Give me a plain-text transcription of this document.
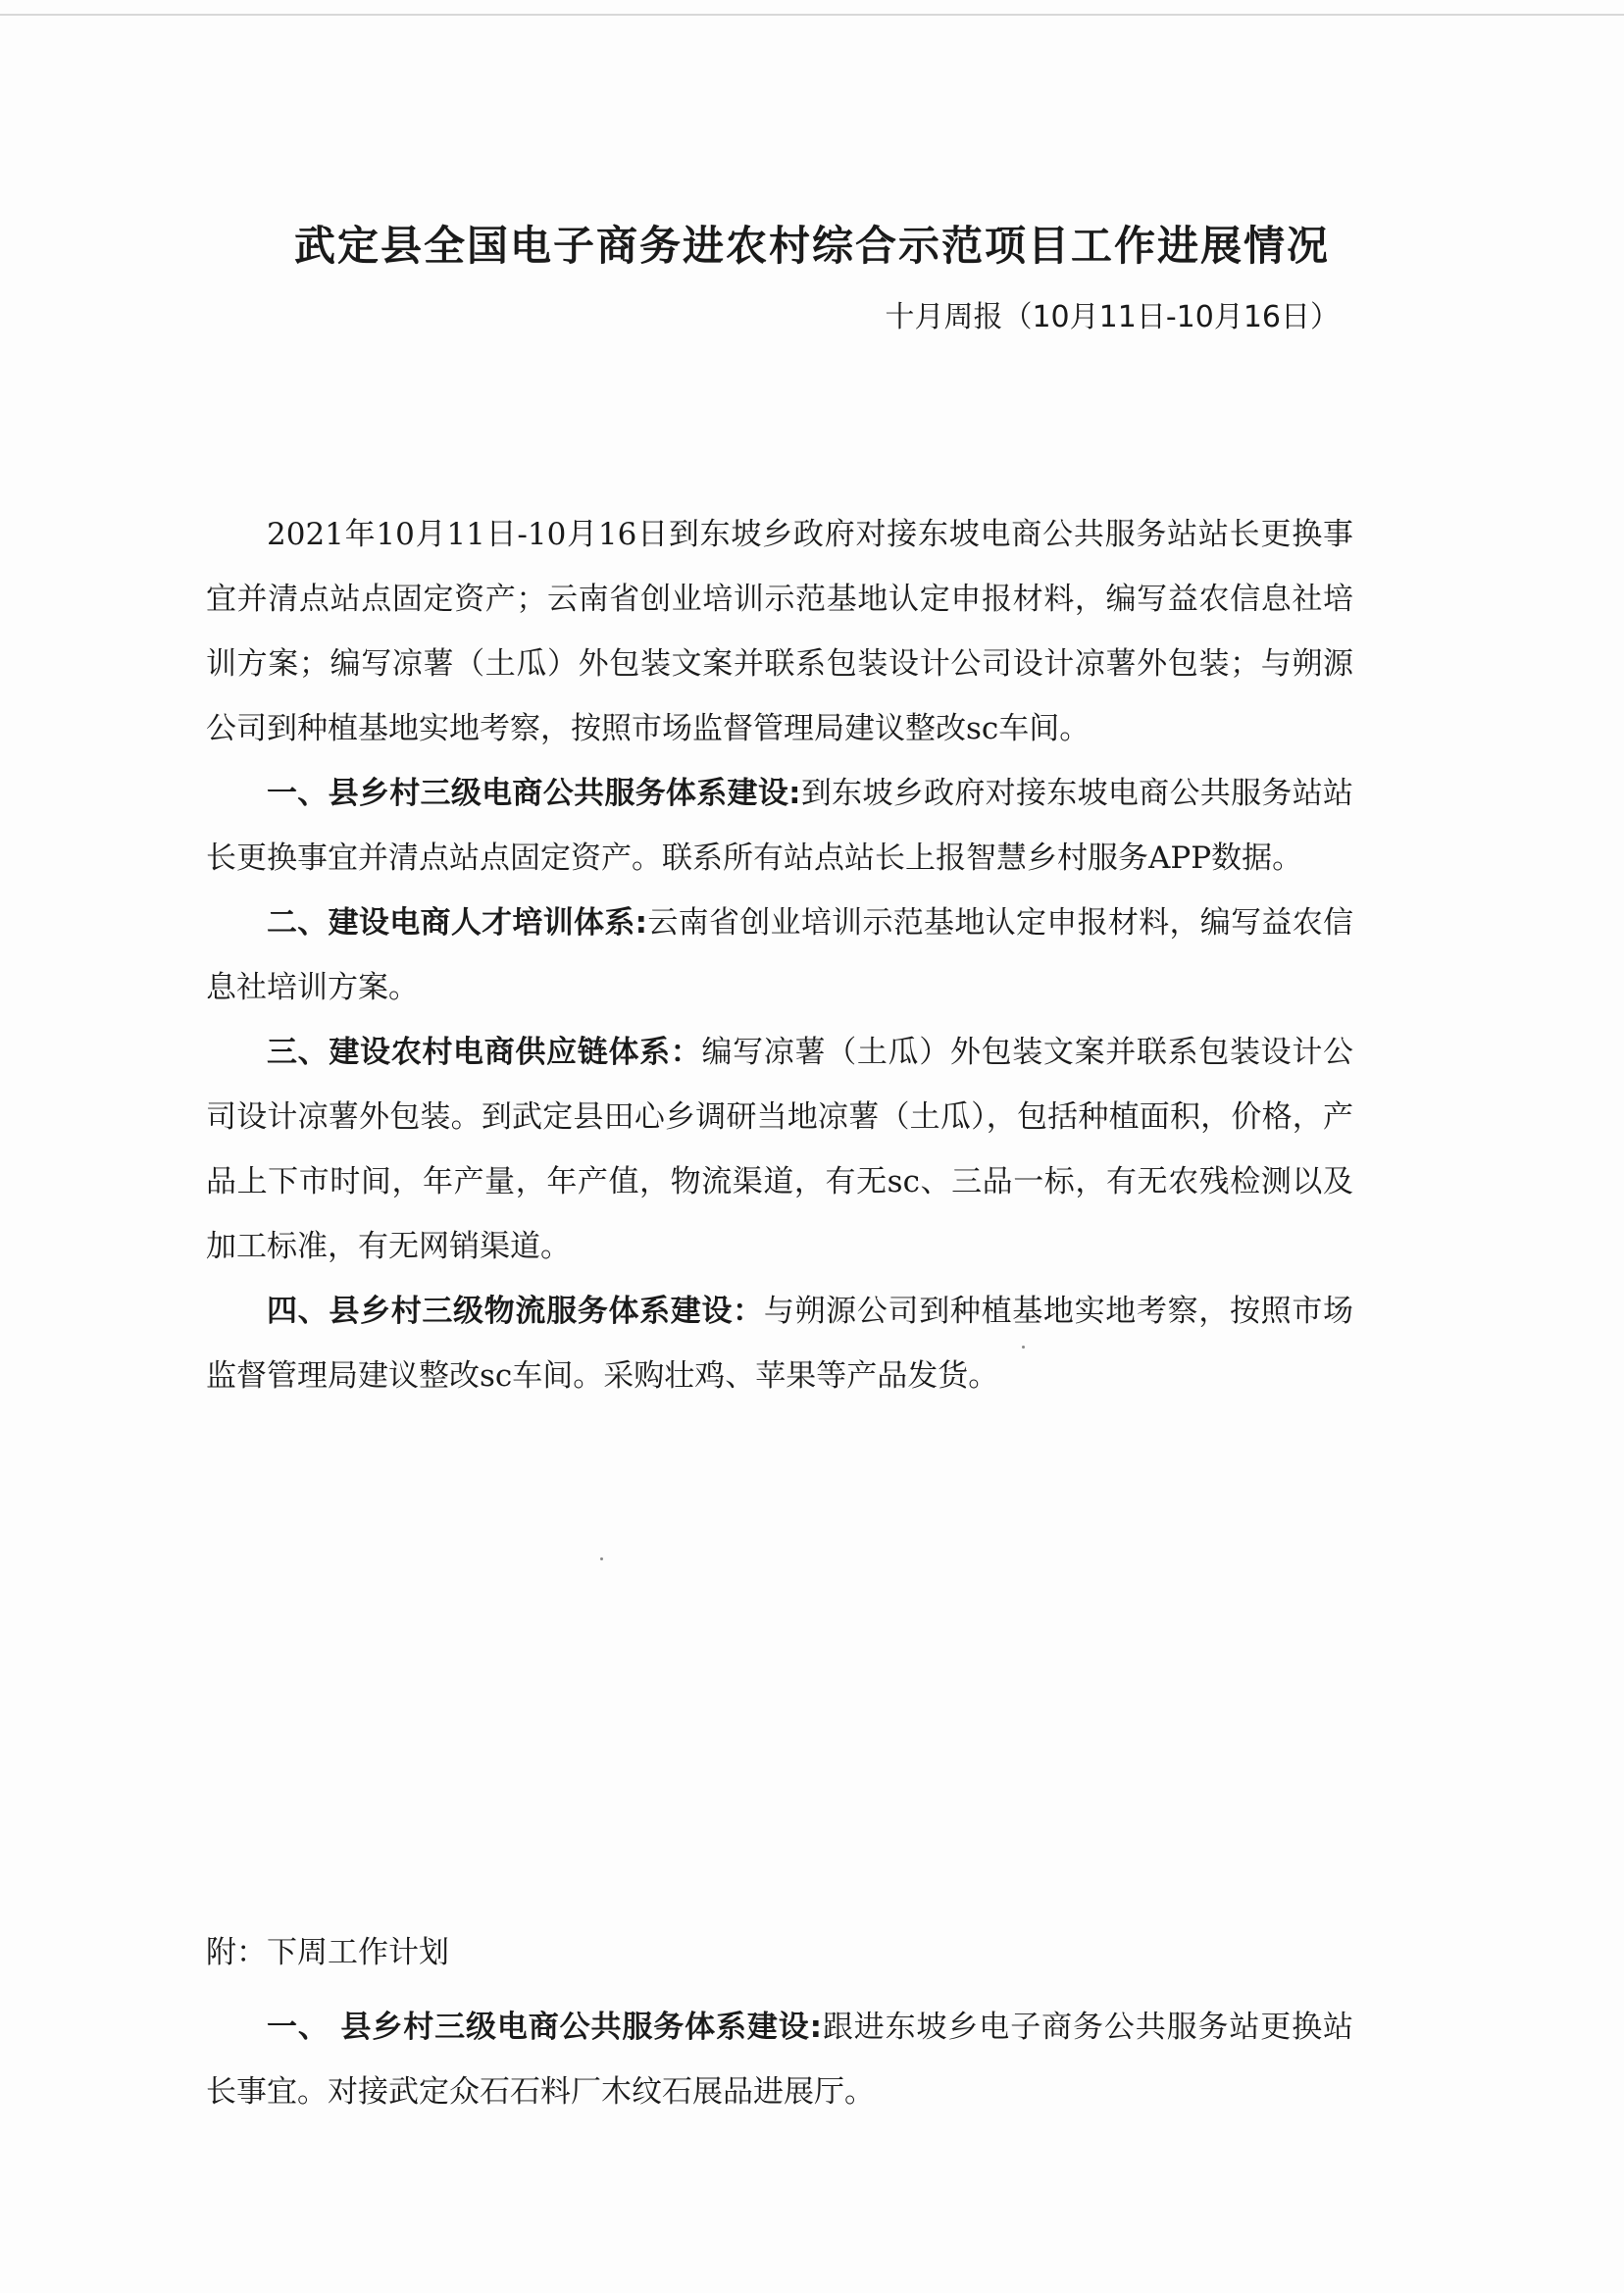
武定县全国电子商务进农村综合示范项目工作进展情况
十月周报（10月11日-10月16日）

2021年10月11日-10月16日到东坡乡政府对接东坡电商公共服务站站长更换事宜并清点站点固定资产；云南省创业培训示范基地认定申报材料，编写益农信息社培训方案；编写凉薯（土瓜）外包装文案并联系包装设计公司设计凉薯外包装；与朔源公司到种植基地实地考察，按照市场监督管理局建议整改sc车间。

一、县乡村三级电商公共服务体系建设:到东坡乡政府对接东坡电商公共服务站站长更换事宜并清点站点固定资产。联系所有站点站长上报智慧乡村服务APP数据。

二、建设电商人才培训体系:云南省创业培训示范基地认定申报材料，编写益农信息社培训方案。

三、建设农村电商供应链体系：编写凉薯（土瓜）外包装文案并联系包装设计公司设计凉薯外包装。到武定县田心乡调研当地凉薯（土瓜），包括种植面积，价格，产品上下市时间，年产量，年产值，物流渠道，有无sc、三品一标，有无农残检测以及加工标准，有无网销渠道。

四、县乡村三级物流服务体系建设：与朔源公司到种植基地实地考察，按照市场监督管理局建议整改sc车间。采购壮鸡、苹果等产品发货。

附：下周工作计划

一、 县乡村三级电商公共服务体系建设:跟进东坡乡电子商务公共服务站更换站长事宜。对接武定众石石料厂木纹石展品进展厅。
